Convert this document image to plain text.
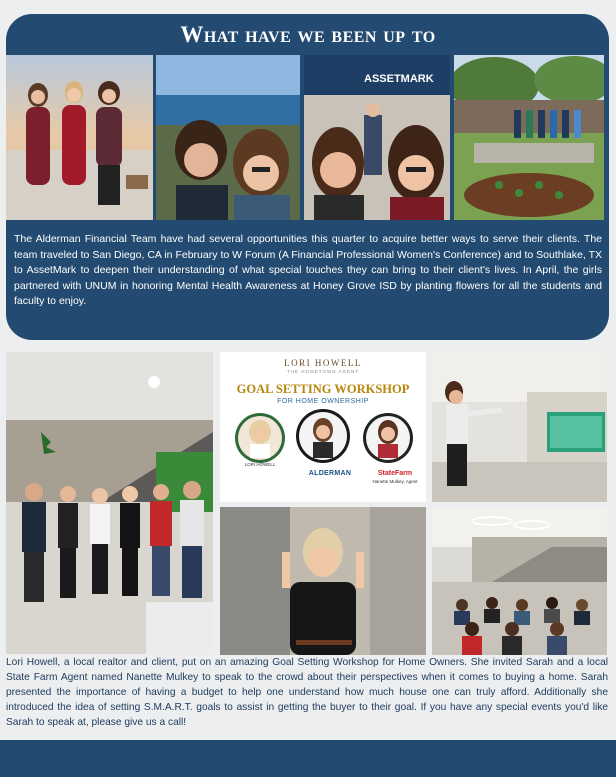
What have we been up to
ASSETMARK

The Alderman Financial Team have had several opportunities this quarter to acquire better ways to serve their clients. The team traveled to San Diego, CA in February to W Forum (A Financial Professional Women's Conference) and to Southlake, TX to AssetMark to deepen their understanding of what special touches they can bring to their client's lives. In April, the girls partnered with UNUM in honoring Mental Health Awareness at Honey Grove ISD by planting flowers for all the students and faculty to enjoy.

LORI HOWELL
THE HOMETOWN AGENT
GOAL SETTING WORKSHOP
FOR HOME OWNERSHIP
LORI HOWELL
ALDERMAN	StateFarm
Nanette Mulkey, Agent

Lori Howell, a local realtor and client, put on an amazing Goal Setting Workshop for Home Owners. She invited Sarah and a local State Farm Agent named Nanette Mulkey to speak to the crowd about their perspectives when it comes to buying a home. Sarah presented the importance of having a budget to help one understand how much house one can truly afford. Additionally she introduced the idea of setting S.M.A.R.T. goals to assist in getting the buyer to their goal. If you have any special events you'd like Sarah to speak at, please give us a call!
